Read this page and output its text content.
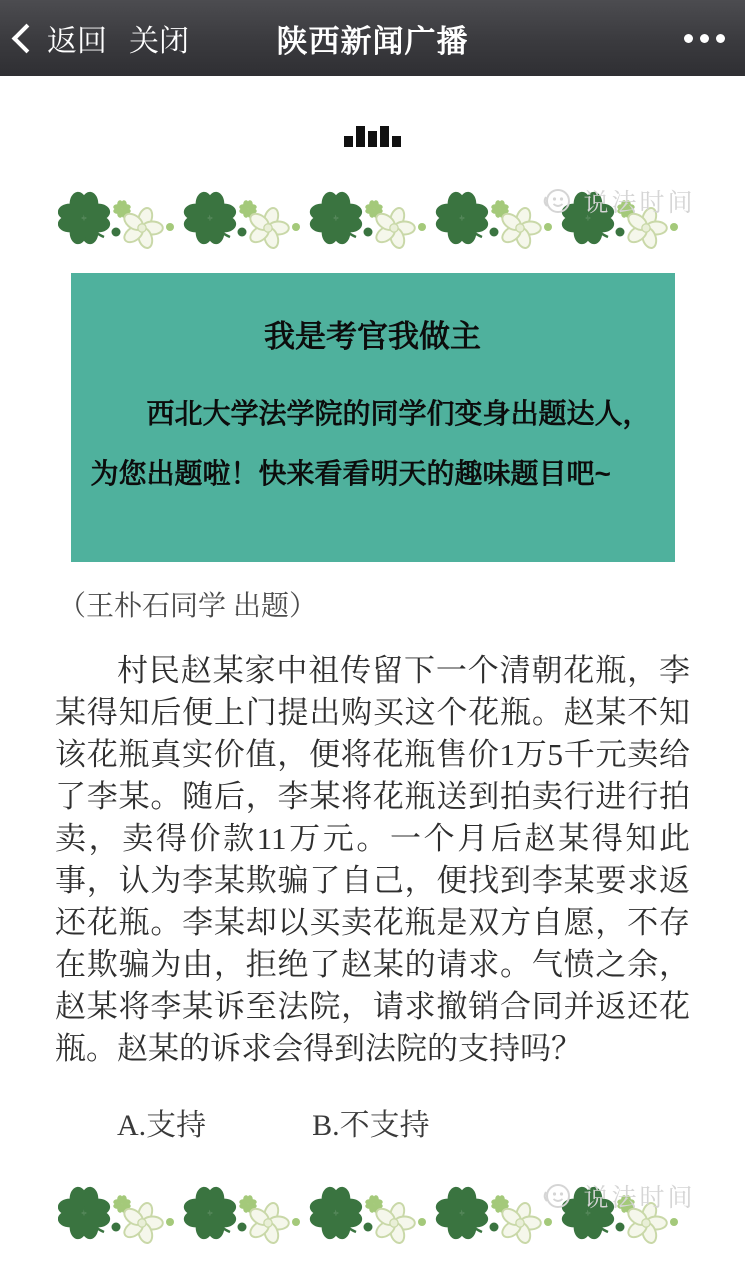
返回 关闭	陕西新闻广播
说法时间
我是考官我做主

西北大学法学院的同学们变身出题达人，为您出题啦！快来看看明天的趣味题目吧~

（王朴石同学 出题）

村民赵某家中祖传留下一个清朝花瓶，李某得知后便上门提出购买这个花瓶。赵某不知该花瓶真实价值，便将花瓶售价1万5千元卖给了李某。随后，李某将花瓶送到拍卖行进行拍卖，卖得价款11万元。一个月后赵某得知此事，认为李某欺骗了自己，便找到李某要求返还花瓶。李某却以买卖花瓶是双方自愿，不存在欺骗为由，拒绝了赵某的请求。气愤之余，赵某将李某诉至法院，请求撤销合同并返还花瓶。赵某的诉求会得到法院的支持吗？

A.支持	B.不支持
说法时间
